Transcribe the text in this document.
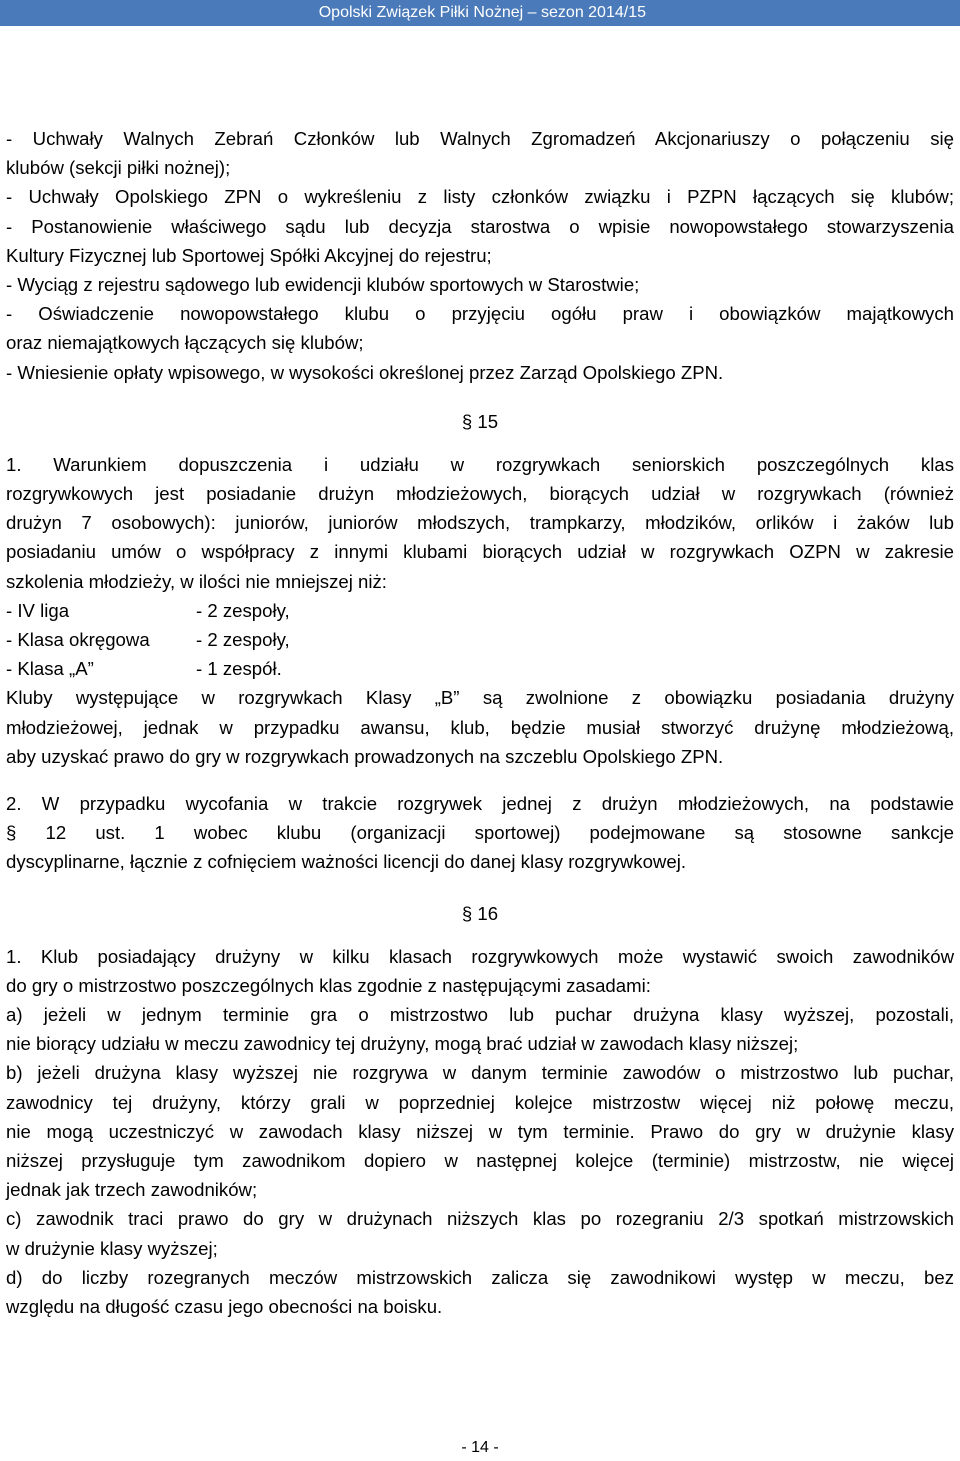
Opolski Związek Piłki Nożnej – sezon 2014/15
- Uchwały Walnych Zebrań Członków lub Walnych Zgromadzeń Akcjonariuszy o połączeniu się
klubów (sekcji piłki nożnej);
- Uchwały Opolskiego ZPN o wykreśleniu z listy członków związku i PZPN łączących się klubów;
- Postanowienie właściwego sądu lub decyzja starostwa o wpisie nowopowstałego stowarzyszenia
Kultury Fizycznej lub Sportowej Spółki Akcyjnej do rejestru;
- Wyciąg z rejestru sądowego lub ewidencji klubów sportowych w Starostwie;
- Oświadczenie nowopowstałego klubu o przyjęciu ogółu praw i obowiązków majątkowych
oraz niemajątkowych łączących się klubów;
- Wniesienie opłaty wpisowego, w wysokości określonej przez Zarząd Opolskiego ZPN.
§ 15
1. Warunkiem dopuszczenia i udziału w rozgrywkach seniorskich poszczególnych klas
rozgrywkowych jest posiadanie drużyn młodzieżowych, biorących udział w rozgrywkach (również
drużyn 7 osobowych): juniorów, juniorów młodszych, trampkarzy, młodzików, orlików i żaków lub
posiadaniu umów o współpracy z innymi klubami biorących udział w rozgrywkach OZPN w zakresie
szkolenia młodzieży, w ilości nie mniejszej niż:
- IV liga	- 2 zespoły,
- Klasa okręgowa - 2 zespoły,
- Klasa „A”	- 1 zespół.
Kluby występujące w rozgrywkach Klasy „B” są zwolnione z obowiązku posiadania drużyny
młodzieżowej, jednak w przypadku awansu, klub, będzie musiał stworzyć drużynę młodzieżową,
aby uzyskać prawo do gry w rozgrywkach prowadzonych na szczeblu Opolskiego ZPN.
2. W przypadku wycofania w trakcie rozgrywek jednej z drużyn młodzieżowych, na podstawie
§ 12 ust. 1 wobec klubu (organizacji sportowej) podejmowane są stosowne sankcje
dyscyplinarne, łącznie z cofnięciem ważności licencji do danej klasy rozgrywkowej.
§ 16
1. Klub posiadający drużyny w kilku klasach rozgrywkowych może wystawić swoich zawodników
do gry o mistrzostwo poszczególnych klas zgodnie z następującymi zasadami:
a) jeżeli w jednym terminie gra o mistrzostwo lub puchar drużyna klasy wyższej, pozostali,
nie biorący udziału w meczu zawodnicy tej drużyny, mogą brać udział w zawodach klasy niższej;
b) jeżeli drużyna klasy wyższej nie rozgrywa w danym terminie zawodów o mistrzostwo lub puchar,
zawodnicy tej drużyny, którzy grali w poprzedniej kolejce mistrzostw więcej niż połowę meczu,
nie mogą uczestniczyć w zawodach klasy niższej w tym terminie. Prawo do gry w drużynie klasy
niższej przysługuje tym zawodnikom dopiero w następnej kolejce (terminie) mistrzostw, nie więcej
jednak jak trzech zawodników;
c) zawodnik traci prawo do gry w drużynach niższych klas po rozegraniu 2/3 spotkań mistrzowskich
w drużynie klasy wyższej;
d) do liczby rozegranych meczów mistrzowskich zalicza się zawodnikowi występ w meczu, bez
względu na długość czasu jego obecności na boisku.
- 14 -
